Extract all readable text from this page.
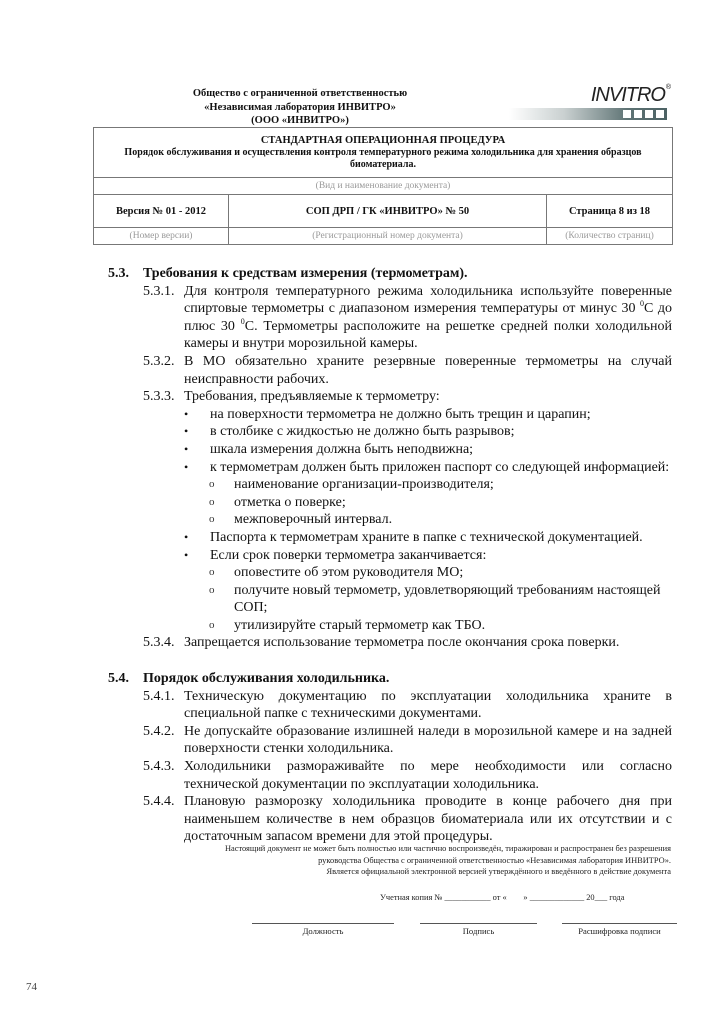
Общество с ограниченной ответственностью
«Независимая лаборатория ИНВИТРО»
(ООО «ИНВИТРО»)
INVITRO ®
СТАНДАРТНАЯ ОПЕРАЦИОННАЯ ПРОЦЕДУРА
Порядок обслуживания и осуществления контроля температурного режима холодильника для хранения образцов биоматериала.		

(Вид и наименование документа)		
Версия № 01 - 2012	СОП ДРП / ГК «ИНВИТРО» № 50	Страница 8 из 18
(Номер версии)	(Регистрационный номер документа)	(Количество страниц)
5.3. Требования к средствам измерения (термометрам).
5.3.1. Для контроля температурного режима холодильника используйте поверенные спиртовые термометры с диапазоном измерения температуры от минус 30 $^0$С до плюс 30 $^0$С. Термометры расположите на решетке средней полки холодильной камеры и внутри морозильной камеры.
5.3.2. В МО обязательно храните резервные поверенные термометры на случай неисправности рабочих.
5.3.3. Требования, предъявляемые к термометру:
• на поверхности термометра не должно быть трещин и царапин;
• в столбике с жидкостью не должно быть разрывов;
• шкала измерения должна быть неподвижна;
• к термометрам должен быть приложен паспорт со следующей информацией:
o наименование организации-производителя;
o отметка о поверке;
o межповерочный интервал.
• Паспорта к термометрам храните в папке с технической документацией.
• Если срок поверки термометра заканчивается:
o оповестите об этом руководителя МО;
o получите новый термометр, удовлетворяющий требованиям настоящей СОП;
o утилизируйте старый термометр как ТБО.
5.3.4. Запрещается использование термометра после окончания срока поверки.
5.4. Порядок обслуживания холодильника.
5.4.1. Техническую документацию по эксплуатации холодильника храните в специальной папке с техническими документами.
5.4.2. Не допускайте образование излишней наледи в морозильной камере и на задней поверхности стенки холодильника.
5.4.3. Холодильники размораживайте по мере необходимости или согласно технической документации по эксплуатации холодильника.
5.4.4. Плановую разморозку холодильника проводите в конце рабочего дня при наименьшем количестве в нем образцов биоматериала или их отсутствии и с достаточным запасом времени для этой процедуры.
Настоящий документ не может быть полностью или частично воспроизведён, тиражирован и распространен без разрешения
руководства Общества с ограниченной ответственностью «Независимая лаборатория ИНВИТРО».
Является официальной электронной версией утверждённого и введённого в действие документа
Учетная копия № ___________ от «        » _____________ 20___ года
Должность	Подпись	Расшифровка подписи
74
